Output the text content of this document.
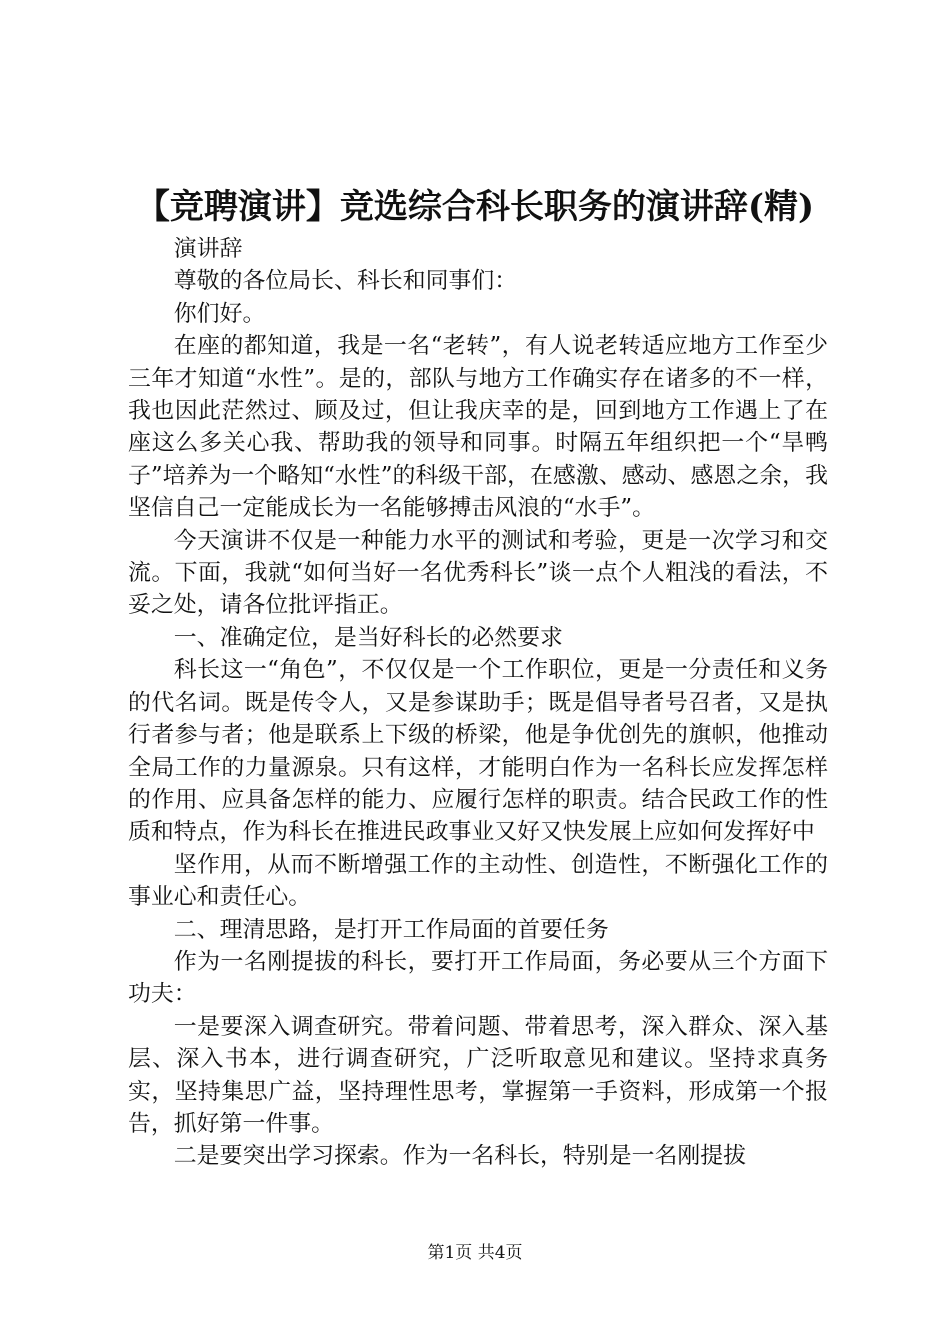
【竞聘演讲】竞选综合科长职务的演讲辞(精)

演讲辞

尊敬的各位局长、科长和同事们：

你们好。

在座的都知道，我是一名“老转”，有人说老转适应地方工作至少三年才知道“水性”。是的，部队与地方工作确实存在诸多的不一样，我也因此茫然过、顾及过，但让我庆幸的是，回到地方工作遇上了在座这么多关心我、帮助我的领导和同事。时隔五年组织把一个“旱鸭子”培养为一个略知“水性”的科级干部，在感激、感动、感恩之余，我坚信自己一定能成长为一名能够搏击风浪的“水手”。

今天演讲不仅是一种能力水平的测试和考验，更是一次学习和交流。下面，我就“如何当好一名优秀科长”谈一点个人粗浅的看法，不妥之处，请各位批评指正。

一、准确定位，是当好科长的必然要求

科长这一“角色”，不仅仅是一个工作职位，更是一分责任和义务的代名词。既是传令人，又是参谋助手；既是倡导者号召者，又是执行者参与者；他是联系上下级的桥梁，他是争优创先的旗帜，他推动全局工作的力量源泉。只有这样，才能明白作为一名科长应发挥怎样的作用、应具备怎样的能力、应履行怎样的职责。结合民政工作的性质和特点，作为科长在推进民政事业又好又快发展上应如何发挥好中

坚作用，从而不断增强工作的主动性、创造性，不断强化工作的事业心和责任心。

二、理清思路，是打开工作局面的首要任务

作为一名刚提拔的科长，要打开工作局面，务必要从三个方面下功夫：

一是要深入调查研究。带着问题、带着思考，深入群众、深入基层、深入书本，进行调查研究，广泛听取意见和建议。坚持求真务实，坚持集思广益，坚持理性思考，掌握第一手资料，形成第一个报告，抓好第一件事。

二是要突出学习探索。作为一名科长，特别是一名刚提拔

第1页 共4页
